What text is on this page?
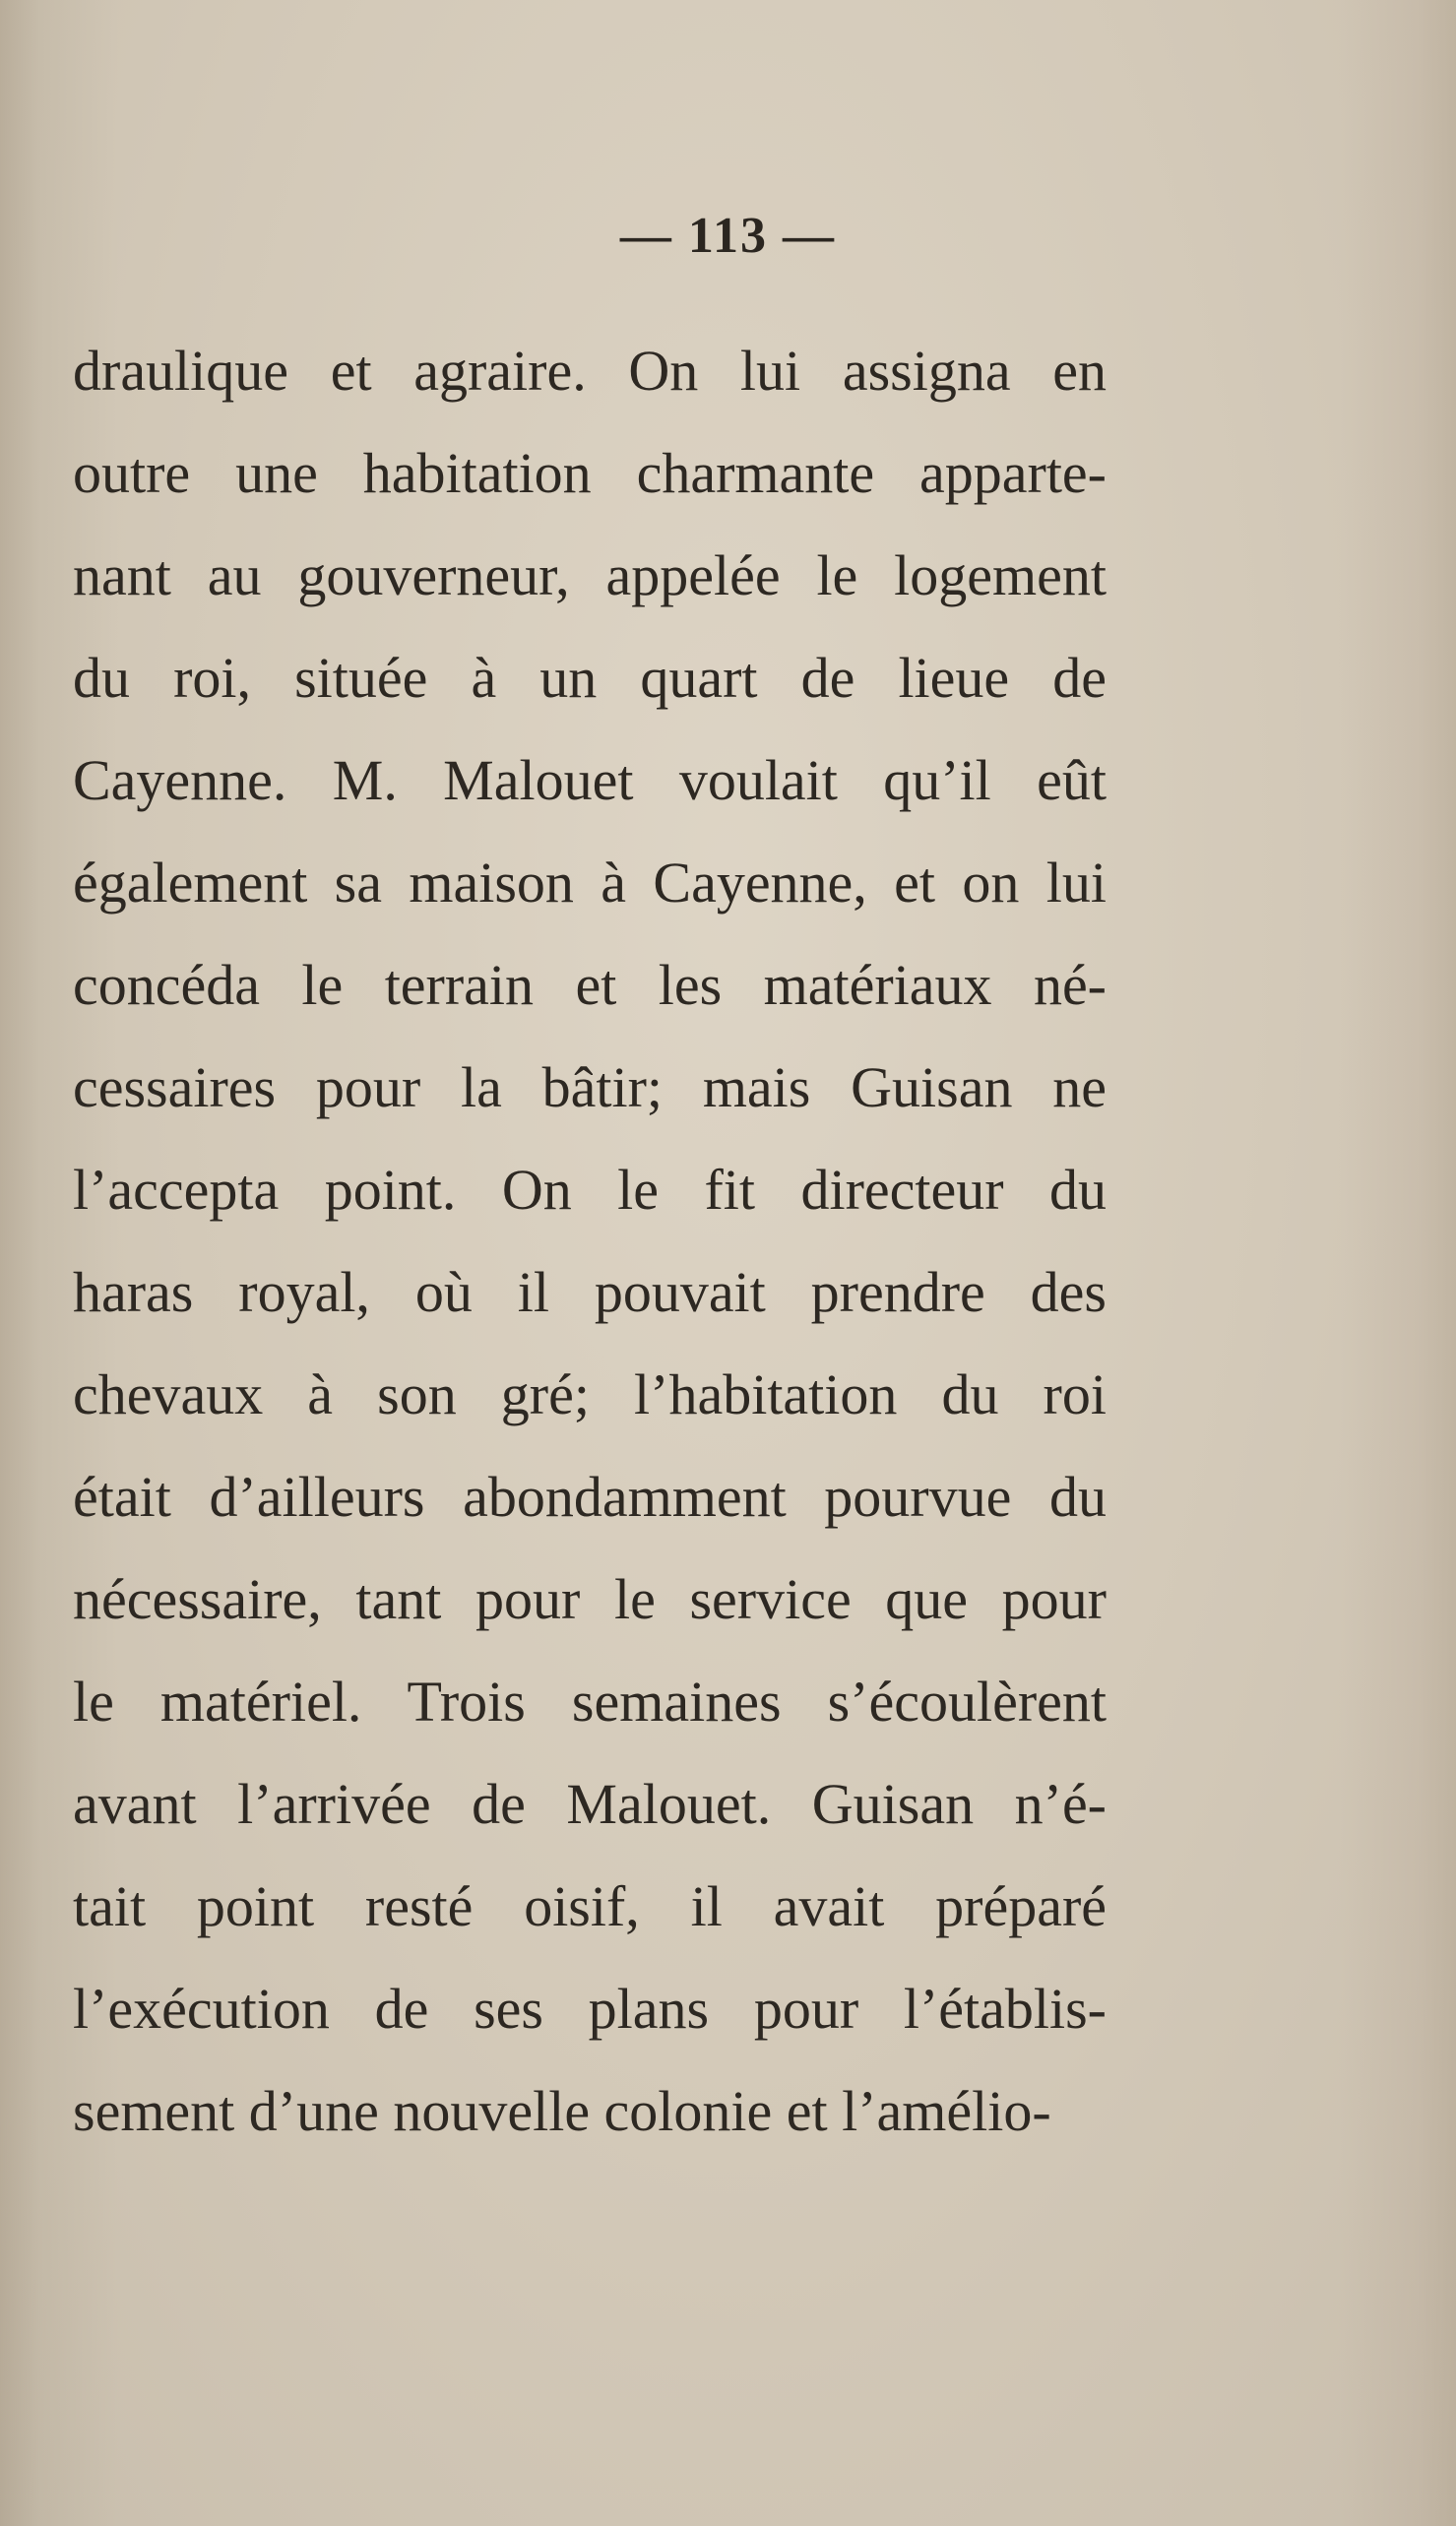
— 113 —
draulique et agraire. On lui assigna en
outre une habitation charmante apparte-
nant au gouverneur, appelée le logement
du roi, située à un quart de lieue de
Cayenne. M. Malouet voulait qu’il eût
également sa maison à Cayenne, et on lui
concéda le terrain et les matériaux né-
cessaires pour la bâtir; mais Guisan ne
l’accepta point. On le fit directeur du
haras royal, où il pouvait prendre des
chevaux à son gré; l’habitation du roi
était d’ailleurs abondamment pourvue du
nécessaire, tant pour le service que pour
le matériel. Trois semaines s’écoulèrent
avant l’arrivée de Malouet. Guisan n’é-
tait point resté oisif, il avait préparé
l’exécution de ses plans pour l’établis-
sement d’une nouvelle colonie et l’amélio-
